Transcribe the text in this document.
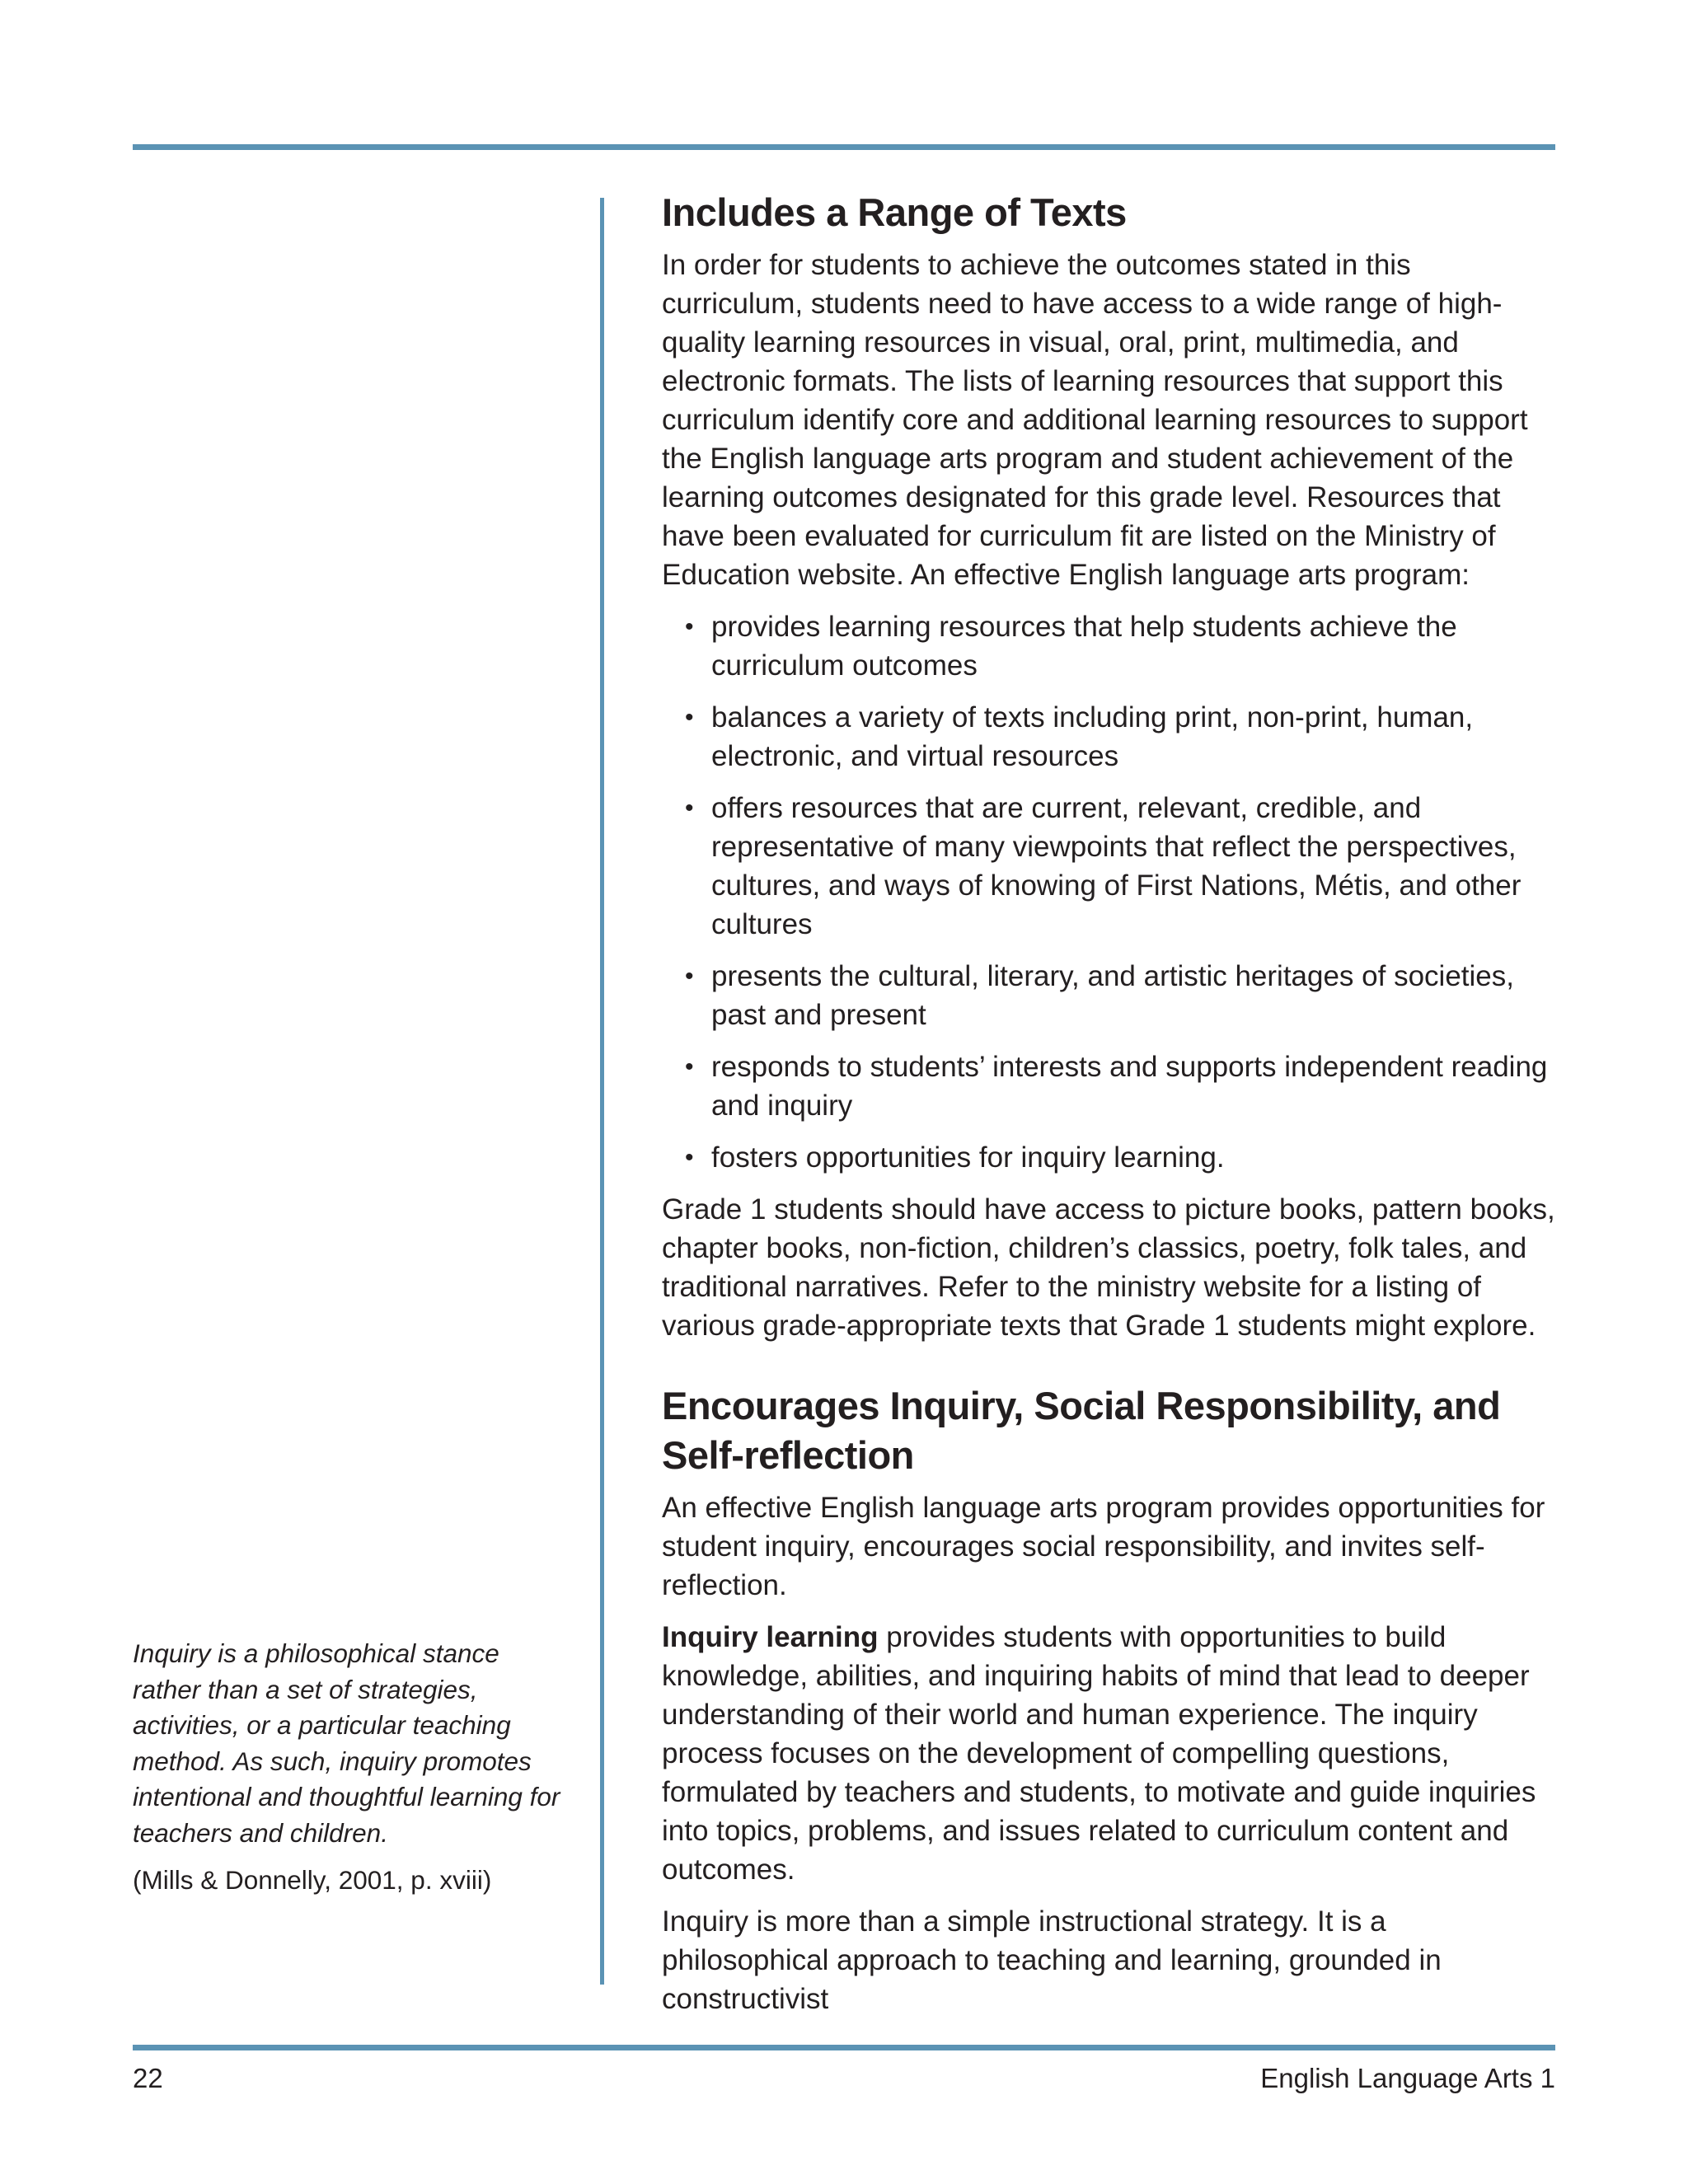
Inquiry is a philosophical stance rather than a set of strategies, activities, or a particular teaching method. As such, inquiry promotes intentional and thoughtful learning for teachers and children.

(Mills & Donnelly, 2001, p. xviii)

Includes a Range of Texts

In order for students to achieve the outcomes stated in this curriculum, students need to have access to a wide range of high-quality learning resources in visual, oral, print, multimedia, and electronic formats. The lists of learning resources that support this curriculum identify core and additional learning resources to support the English language arts program and student achievement of the learning outcomes designated for this grade level. Resources that have been evaluated for curriculum fit are listed on the Ministry of Education website. An effective English language arts program:

• provides learning resources that help students achieve the curriculum outcomes
• balances a variety of texts including print, non-print, human, electronic, and virtual resources
• offers resources that are current, relevant, credible, and representative of many viewpoints that reflect the perspectives, cultures, and ways of knowing of First Nations, Métis, and other cultures
• presents the cultural, literary, and artistic heritages of societies, past and present
• responds to students’ interests and supports independent reading and inquiry
• fosters opportunities for inquiry learning.

Grade 1 students should have access to picture books, pattern books, chapter books, non-fiction, children’s classics, poetry, folk tales, and traditional narratives. Refer to the ministry website for a listing of various grade-appropriate texts that Grade 1 students might explore.

Encourages Inquiry, Social Responsibility, and Self-reflection

An effective English language arts program provides opportunities for student inquiry, encourages social responsibility, and invites self-reflection.

Inquiry learning provides students with opportunities to build knowledge, abilities, and inquiring habits of mind that lead to deeper understanding of their world and human experience. The inquiry process focuses on the development of compelling questions, formulated by teachers and students, to motivate and guide inquiries into topics, problems, and issues related to curriculum content and outcomes.

Inquiry is more than a simple instructional strategy. It is a philosophical approach to teaching and learning, grounded in constructivist

22	English Language Arts 1
